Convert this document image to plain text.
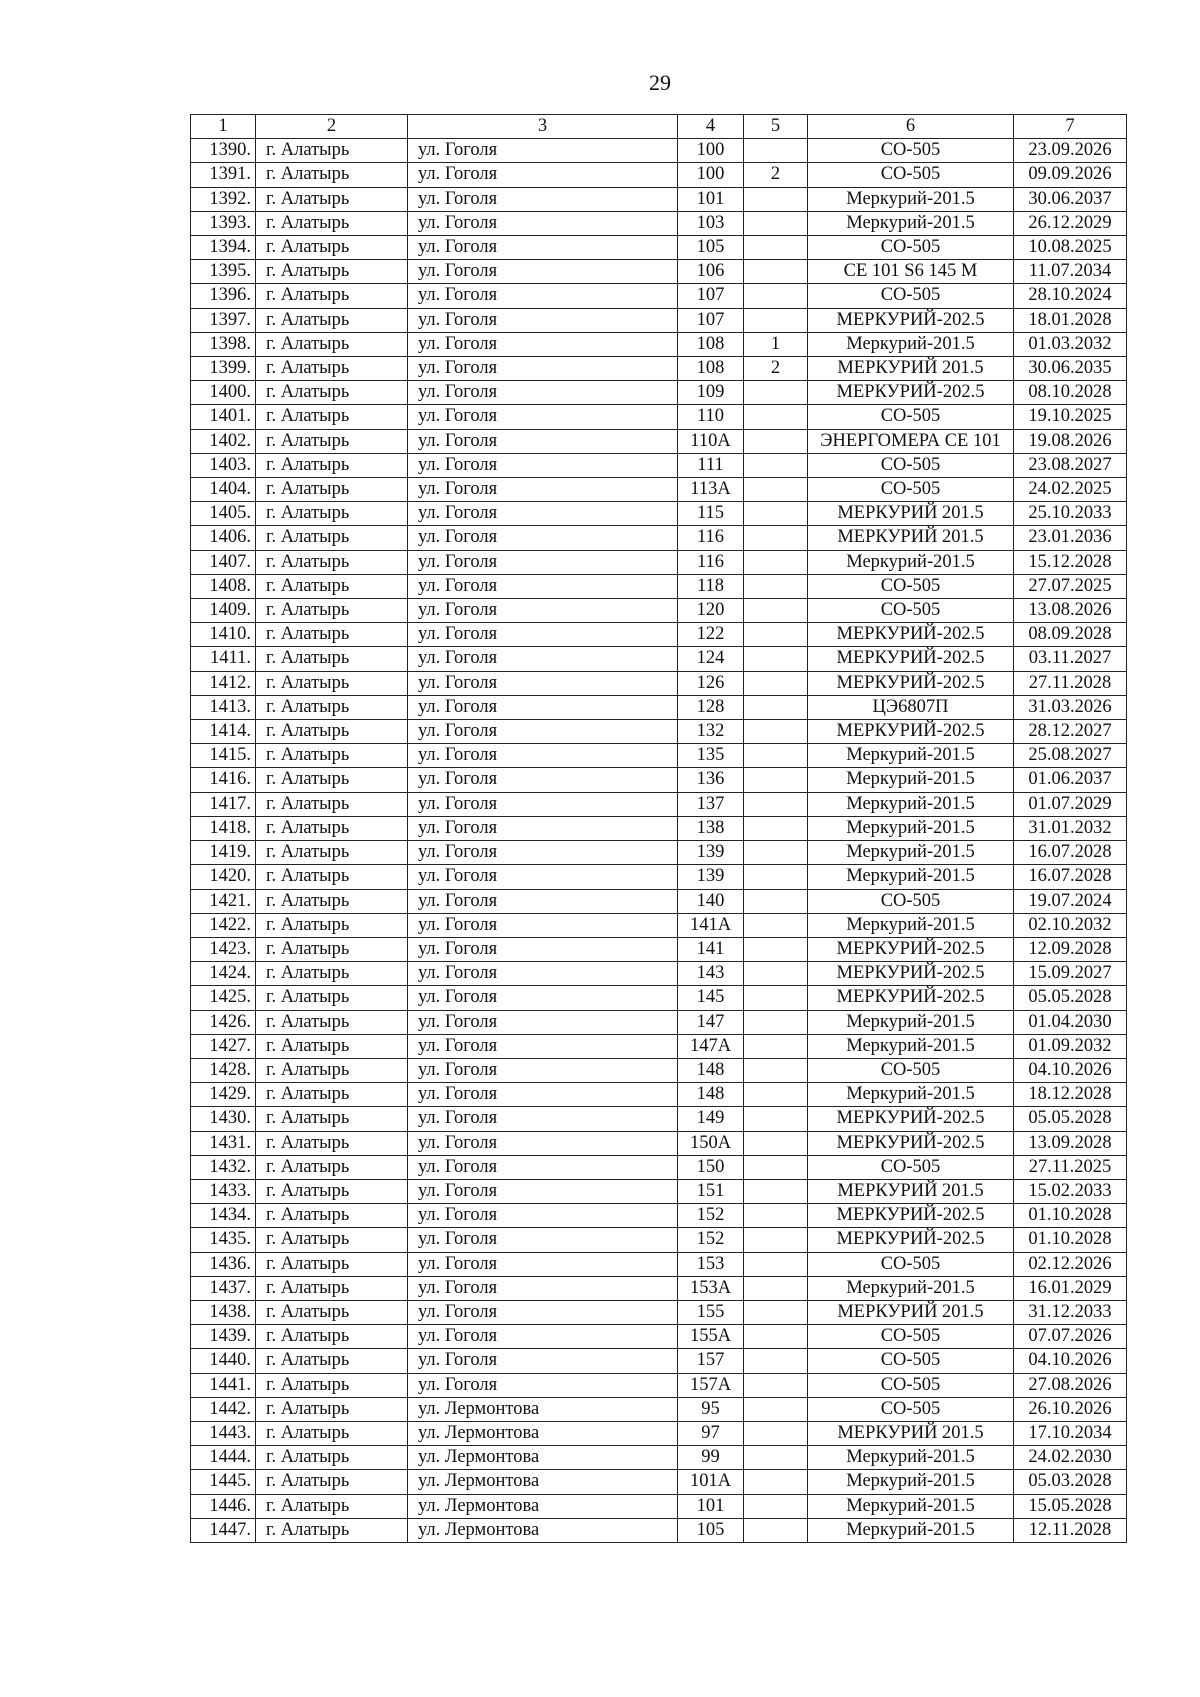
29
1	2	3	4	5	6	7
1390.	г. Алатырь	ул. Гоголя	100		СО-505	23.09.2026
1391.	г. Алатырь	ул. Гоголя	100	2	СО-505	09.09.2026
1392.	г. Алатырь	ул. Гоголя	101		Меркурий-201.5	30.06.2037
1393.	г. Алатырь	ул. Гоголя	103		Меркурий-201.5	26.12.2029
1394.	г. Алатырь	ул. Гоголя	105		СО-505	10.08.2025
1395.	г. Алатырь	ул. Гоголя	106		CE 101 S6 145 M	11.07.2034
1396.	г. Алатырь	ул. Гоголя	107		СО-505	28.10.2024
1397.	г. Алатырь	ул. Гоголя	107		МЕРКУРИЙ-202.5	18.01.2028
1398.	г. Алатырь	ул. Гоголя	108	1	Меркурий-201.5	01.03.2032
1399.	г. Алатырь	ул. Гоголя	108	2	МЕРКУРИЙ 201.5	30.06.2035
1400.	г. Алатырь	ул. Гоголя	109		МЕРКУРИЙ-202.5	08.10.2028
1401.	г. Алатырь	ул. Гоголя	110		СО-505	19.10.2025
1402.	г. Алатырь	ул. Гоголя	110А		ЭНЕРГОМЕРА СЕ 101	19.08.2026
1403.	г. Алатырь	ул. Гоголя	111		СО-505	23.08.2027
1404.	г. Алатырь	ул. Гоголя	113А		СО-505	24.02.2025
1405.	г. Алатырь	ул. Гоголя	115		МЕРКУРИЙ 201.5	25.10.2033
1406.	г. Алатырь	ул. Гоголя	116		МЕРКУРИЙ 201.5	23.01.2036
1407.	г. Алатырь	ул. Гоголя	116		Меркурий-201.5	15.12.2028
1408.	г. Алатырь	ул. Гоголя	118		СО-505	27.07.2025
1409.	г. Алатырь	ул. Гоголя	120		СО-505	13.08.2026
1410.	г. Алатырь	ул. Гоголя	122		МЕРКУРИЙ-202.5	08.09.2028
1411.	г. Алатырь	ул. Гоголя	124		МЕРКУРИЙ-202.5	03.11.2027
1412.	г. Алатырь	ул. Гоголя	126		МЕРКУРИЙ-202.5	27.11.2028
1413.	г. Алатырь	ул. Гоголя	128		ЦЭ6807П	31.03.2026
1414.	г. Алатырь	ул. Гоголя	132		МЕРКУРИЙ-202.5	28.12.2027
1415.	г. Алатырь	ул. Гоголя	135		Меркурий-201.5	25.08.2027
1416.	г. Алатырь	ул. Гоголя	136		Меркурий-201.5	01.06.2037
1417.	г. Алатырь	ул. Гоголя	137		Меркурий-201.5	01.07.2029
1418.	г. Алатырь	ул. Гоголя	138		Меркурий-201.5	31.01.2032
1419.	г. Алатырь	ул. Гоголя	139		Меркурий-201.5	16.07.2028
1420.	г. Алатырь	ул. Гоголя	139		Меркурий-201.5	16.07.2028
1421.	г. Алатырь	ул. Гоголя	140		СО-505	19.07.2024
1422.	г. Алатырь	ул. Гоголя	141А		Меркурий-201.5	02.10.2032
1423.	г. Алатырь	ул. Гоголя	141		МЕРКУРИЙ-202.5	12.09.2028
1424.	г. Алатырь	ул. Гоголя	143		МЕРКУРИЙ-202.5	15.09.2027
1425.	г. Алатырь	ул. Гоголя	145		МЕРКУРИЙ-202.5	05.05.2028
1426.	г. Алатырь	ул. Гоголя	147		Меркурий-201.5	01.04.2030
1427.	г. Алатырь	ул. Гоголя	147А		Меркурий-201.5	01.09.2032
1428.	г. Алатырь	ул. Гоголя	148		СО-505	04.10.2026
1429.	г. Алатырь	ул. Гоголя	148		Меркурий-201.5	18.12.2028
1430.	г. Алатырь	ул. Гоголя	149		МЕРКУРИЙ-202.5	05.05.2028
1431.	г. Алатырь	ул. Гоголя	150А		МЕРКУРИЙ-202.5	13.09.2028
1432.	г. Алатырь	ул. Гоголя	150		СО-505	27.11.2025
1433.	г. Алатырь	ул. Гоголя	151		МЕРКУРИЙ 201.5	15.02.2033
1434.	г. Алатырь	ул. Гоголя	152		МЕРКУРИЙ-202.5	01.10.2028
1435.	г. Алатырь	ул. Гоголя	152		МЕРКУРИЙ-202.5	01.10.2028
1436.	г. Алатырь	ул. Гоголя	153		СО-505	02.12.2026
1437.	г. Алатырь	ул. Гоголя	153А		Меркурий-201.5	16.01.2029
1438.	г. Алатырь	ул. Гоголя	155		МЕРКУРИЙ 201.5	31.12.2033
1439.	г. Алатырь	ул. Гоголя	155А		СО-505	07.07.2026
1440.	г. Алатырь	ул. Гоголя	157		СО-505	04.10.2026
1441.	г. Алатырь	ул. Гоголя	157А		СО-505	27.08.2026
1442.	г. Алатырь	ул. Лермонтова	95		СО-505	26.10.2026
1443.	г. Алатырь	ул. Лермонтова	97		МЕРКУРИЙ 201.5	17.10.2034
1444.	г. Алатырь	ул. Лермонтова	99		Меркурий-201.5	24.02.2030
1445.	г. Алатырь	ул. Лермонтова	101А		Меркурий-201.5	05.03.2028
1446.	г. Алатырь	ул. Лермонтова	101		Меркурий-201.5	15.05.2028
1447.	г. Алатырь	ул. Лермонтова	105		Меркурий-201.5	12.11.2028
